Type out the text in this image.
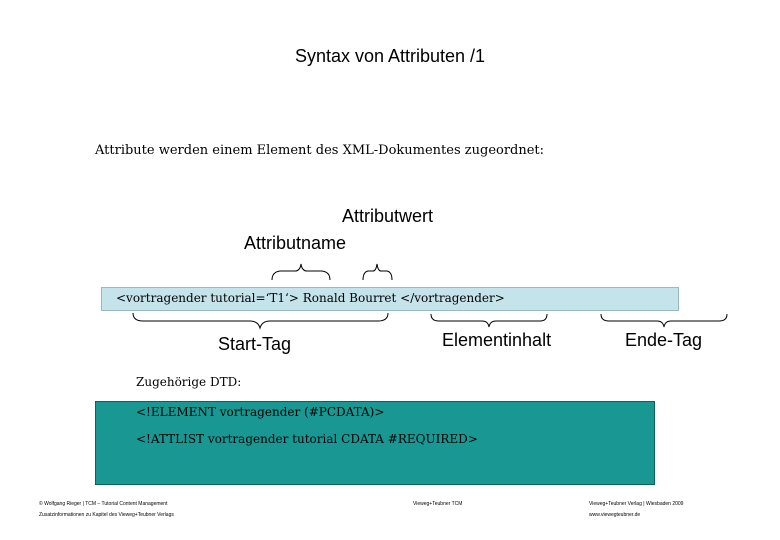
Syntax von Attributen /1
Attribute werden einem Element des XML-Dokumentes zugeordnet:
Attributwert
Attributname
<vortragender tutorial=‘T1‘> Ronald Bourret </vortragender>
Start-Tag	Elementinhalt	Ende-Tag
Zugehörige DTD:
<!ELEMENT vortragender (#PCDATA)>
<!ATTLIST vortragender tutorial CDATA #REQUIRED>
© Wolfgang Rieger | TCM – Tutorial Content Management
Zusatzinformationen zu Kapitel des Vieweg+Teubner Verlags
Vieweg+Teubner TCM	Vieweg+Teubner Verlag | Wiesbaden 2009
www.viewegteubner.de
